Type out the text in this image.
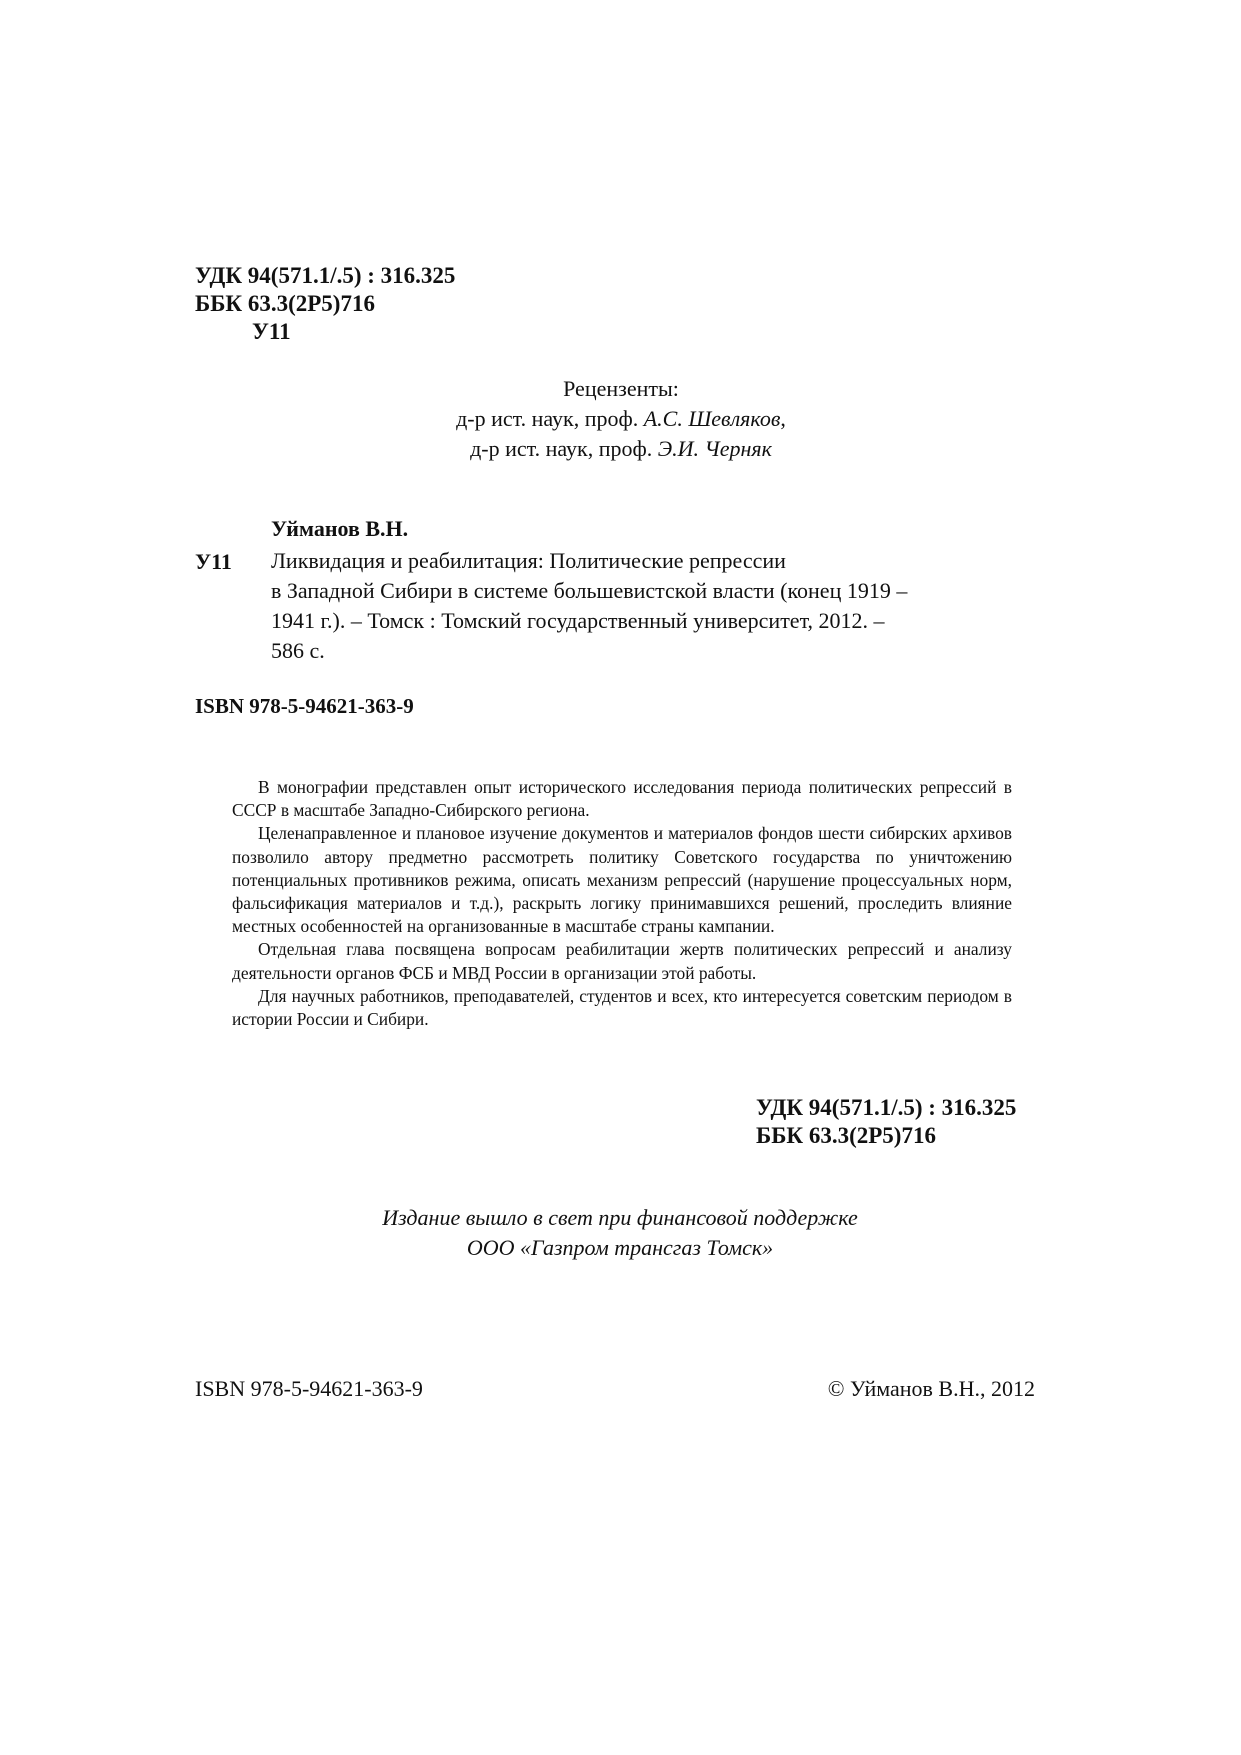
УДК 94(571.1/.5) : 316.325
ББК 63.3(2Р5)716
У11
Рецензенты:
д-р ист. наук, проф. А.С. Шевляков,
д-р ист. наук, проф. Э.И. Черняк
Уйманов В.Н.
У11 Ликвидация и реабилитация: Политические репрессии
в Западной Сибири в системе большевистской власти (конец 1919 –
1941 г.). – Томск : Томский государственный университет, 2012. –
586 с.
ISBN 978-5-94621-363-9

В монографии представлен опыт исторического исследования периода политических репрессий в СССР в масштабе Западно-Сибирского региона.

Целенаправленное и плановое изучение документов и материалов фондов шести сибирских архивов позволило автору предметно рассмотреть политику Советского государства по уничтожению потенциальных противников режима, описать механизм репрессий (нарушение процессуальных норм, фальсификация материалов и т.д.), раскрыть логику принимавшихся решений, проследить влияние местных особенностей на организованные в масштабе страны кампании.

Отдельная глава посвящена вопросам реабилитации жертв политических репрессий и анализу деятельности органов ФСБ и МВД России в организации этой работы.

Для научных работников, преподавателей, студентов и всех, кто интересуется советским периодом в истории России и Сибири.

УДК 94(571.1/.5) : 316.325
ББК 63.3(2Р5)716
Издание вышло в свет при финансовой поддержке
ООО «Газпром трансгаз Томск»
ISBN 978-5-94621-363-9	© Уйманов В.Н., 2012
